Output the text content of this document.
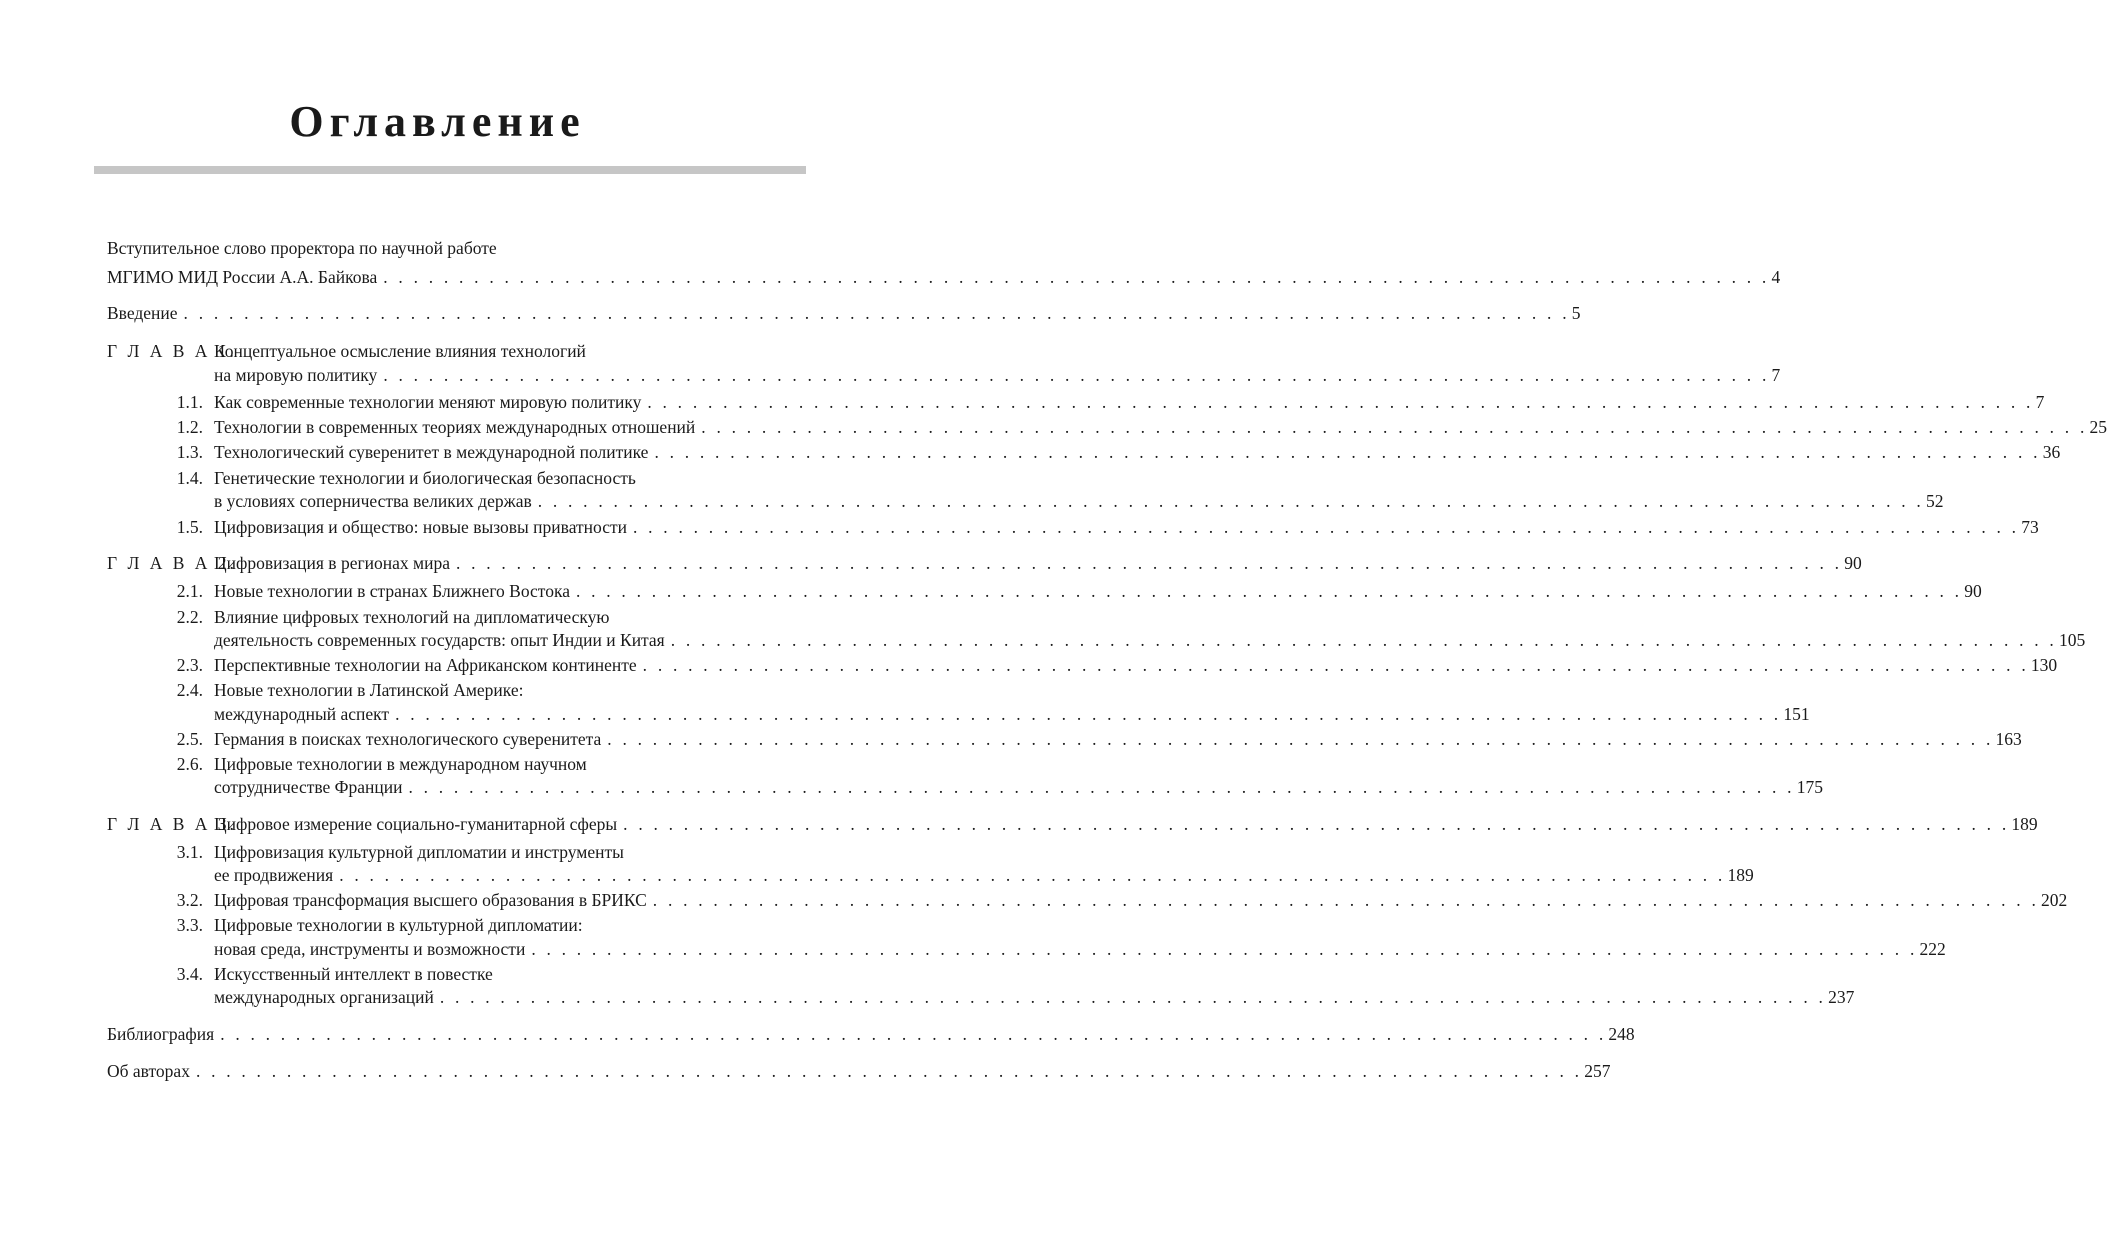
Оглавление
Вступительное слово проректора по научной работе
МГИМО МИД России А.А. Байкова . . . . . . . . . . . . . . . . . . . . . . . . . . . . . . . . . . . . . . . . . . . . . . . . . . . . . . . . . . . . . . . . . . . . . . . . . . . . . . . . . . . . . . . . . . . . 4
Введение . . . . . . . . . . . . . . . . . . . . . . . . . . . . . . . . . . . . . . . . . . . . . . . . . . . . . . . . . . . . . . . . . . . . . . . . . . . . . . . . . . . . . . . . . . . . 5
Г Л А В А 1.
Концептуальное осмысление влияния технологий
на мировую политику . . . . . . . . . . . . . . . . . . . . . . . . . . . . . . . . . . . . . . . . . . . . . . . . . . . . . . . . . . . . . . . . . . . . . . . . . . . . . . . . . . . . . . . . . . . . 7
1.1. Как современные технологии меняют мировую политику . . . . . . . . . . . . . . . . . . . . . . . . . . . . . . . . . . . . . . . . . . . . . . . . . . . . . . . . . . . . . . . . . . . . . . . . . . . . . . . . . . . . . . . . . . . . 7
1.2. Технологии в современных теориях международных отношений . . . . . . . . . . . . . . . . . . . . . . . . . . . . . . . . . . . . . . . . . . . . . . . . . . . . . . . . . . . . . . . . . . . . . . . . . . . . . . . . . . . . . . . . . . . . 25
1.3. Технологический суверенитет в международной политике . . . . . . . . . . . . . . . . . . . . . . . . . . . . . . . . . . . . . . . . . . . . . . . . . . . . . . . . . . . . . . . . . . . . . . . . . . . . . . . . . . . . . . . . . . . . 36
1.4. Генетические технологии и биологическая безопасность
в условиях соперничества великих держав . . . . . . . . . . . . . . . . . . . . . . . . . . . . . . . . . . . . . . . . . . . . . . . . . . . . . . . . . . . . . . . . . . . . . . . . . . . . . . . . . . . . . . . . . . . . 52
1.5. Цифровизация и общество: новые вызовы приватности . . . . . . . . . . . . . . . . . . . . . . . . . . . . . . . . . . . . . . . . . . . . . . . . . . . . . . . . . . . . . . . . . . . . . . . . . . . . . . . . . . . . . . . . . . . . 73
Г Л А В А 2.
Цифровизация в регионах мира . . . . . . . . . . . . . . . . . . . . . . . . . . . . . . . . . . . . . . . . . . . . . . . . . . . . . . . . . . . . . . . . . . . . . . . . . . . . . . . . . . . . . . . . . . . . 90
2.1. Новые технологии в странах Ближнего Востока . . . . . . . . . . . . . . . . . . . . . . . . . . . . . . . . . . . . . . . . . . . . . . . . . . . . . . . . . . . . . . . . . . . . . . . . . . . . . . . . . . . . . . . . . . . . 90
2.2. Влияние цифровых технологий на дипломатическую
деятельность современных государств: опыт Индии и Китая . . . . . . . . . . . . . . . . . . . . . . . . . . . . . . . . . . . . . . . . . . . . . . . . . . . . . . . . . . . . . . . . . . . . . . . . . . . . . . . . . . . . . . . . . . . . 105
2.3. Перспективные технологии на Африканском континенте . . . . . . . . . . . . . . . . . . . . . . . . . . . . . . . . . . . . . . . . . . . . . . . . . . . . . . . . . . . . . . . . . . . . . . . . . . . . . . . . . . . . . . . . . . . . 130
2.4. Новые технологии в Латинской Америке:
международный аспект . . . . . . . . . . . . . . . . . . . . . . . . . . . . . . . . . . . . . . . . . . . . . . . . . . . . . . . . . . . . . . . . . . . . . . . . . . . . . . . . . . . . . . . . . . . . 151
2.5. Германия в поисках технологического суверенитета . . . . . . . . . . . . . . . . . . . . . . . . . . . . . . . . . . . . . . . . . . . . . . . . . . . . . . . . . . . . . . . . . . . . . . . . . . . . . . . . . . . . . . . . . . . . 163
2.6. Цифровые технологии в международном научном
сотрудничестве Франции . . . . . . . . . . . . . . . . . . . . . . . . . . . . . . . . . . . . . . . . . . . . . . . . . . . . . . . . . . . . . . . . . . . . . . . . . . . . . . . . . . . . . . . . . . . . 175
Г Л А В А 3.
Цифровое измерение социально-гуманитарной сферы . . . . . . . . . . . . . . . . . . . . . . . . . . . . . . . . . . . . . . . . . . . . . . . . . . . . . . . . . . . . . . . . . . . . . . . . . . . . . . . . . . . . . . . . . . . . 189
3.1. Цифровизация культурной дипломатии и инструменты
ее продвижения . . . . . . . . . . . . . . . . . . . . . . . . . . . . . . . . . . . . . . . . . . . . . . . . . . . . . . . . . . . . . . . . . . . . . . . . . . . . . . . . . . . . . . . . . . . . 189
3.2. Цифровая трансформация высшего образования в БРИКС . . . . . . . . . . . . . . . . . . . . . . . . . . . . . . . . . . . . . . . . . . . . . . . . . . . . . . . . . . . . . . . . . . . . . . . . . . . . . . . . . . . . . . . . . . . . 202
3.3. Цифровые технологии в культурной дипломатии:
новая среда, инструменты и возможности . . . . . . . . . . . . . . . . . . . . . . . . . . . . . . . . . . . . . . . . . . . . . . . . . . . . . . . . . . . . . . . . . . . . . . . . . . . . . . . . . . . . . . . . . . . . 222
3.4. Искусственный интеллект в повестке
международных организаций . . . . . . . . . . . . . . . . . . . . . . . . . . . . . . . . . . . . . . . . . . . . . . . . . . . . . . . . . . . . . . . . . . . . . . . . . . . . . . . . . . . . . . . . . . . . 237
Библиография . . . . . . . . . . . . . . . . . . . . . . . . . . . . . . . . . . . . . . . . . . . . . . . . . . . . . . . . . . . . . . . . . . . . . . . . . . . . . . . . . . . . . . . . . . . . 248
Об авторах . . . . . . . . . . . . . . . . . . . . . . . . . . . . . . . . . . . . . . . . . . . . . . . . . . . . . . . . . . . . . . . . . . . . . . . . . . . . . . . . . . . . . . . . . . . . 257
